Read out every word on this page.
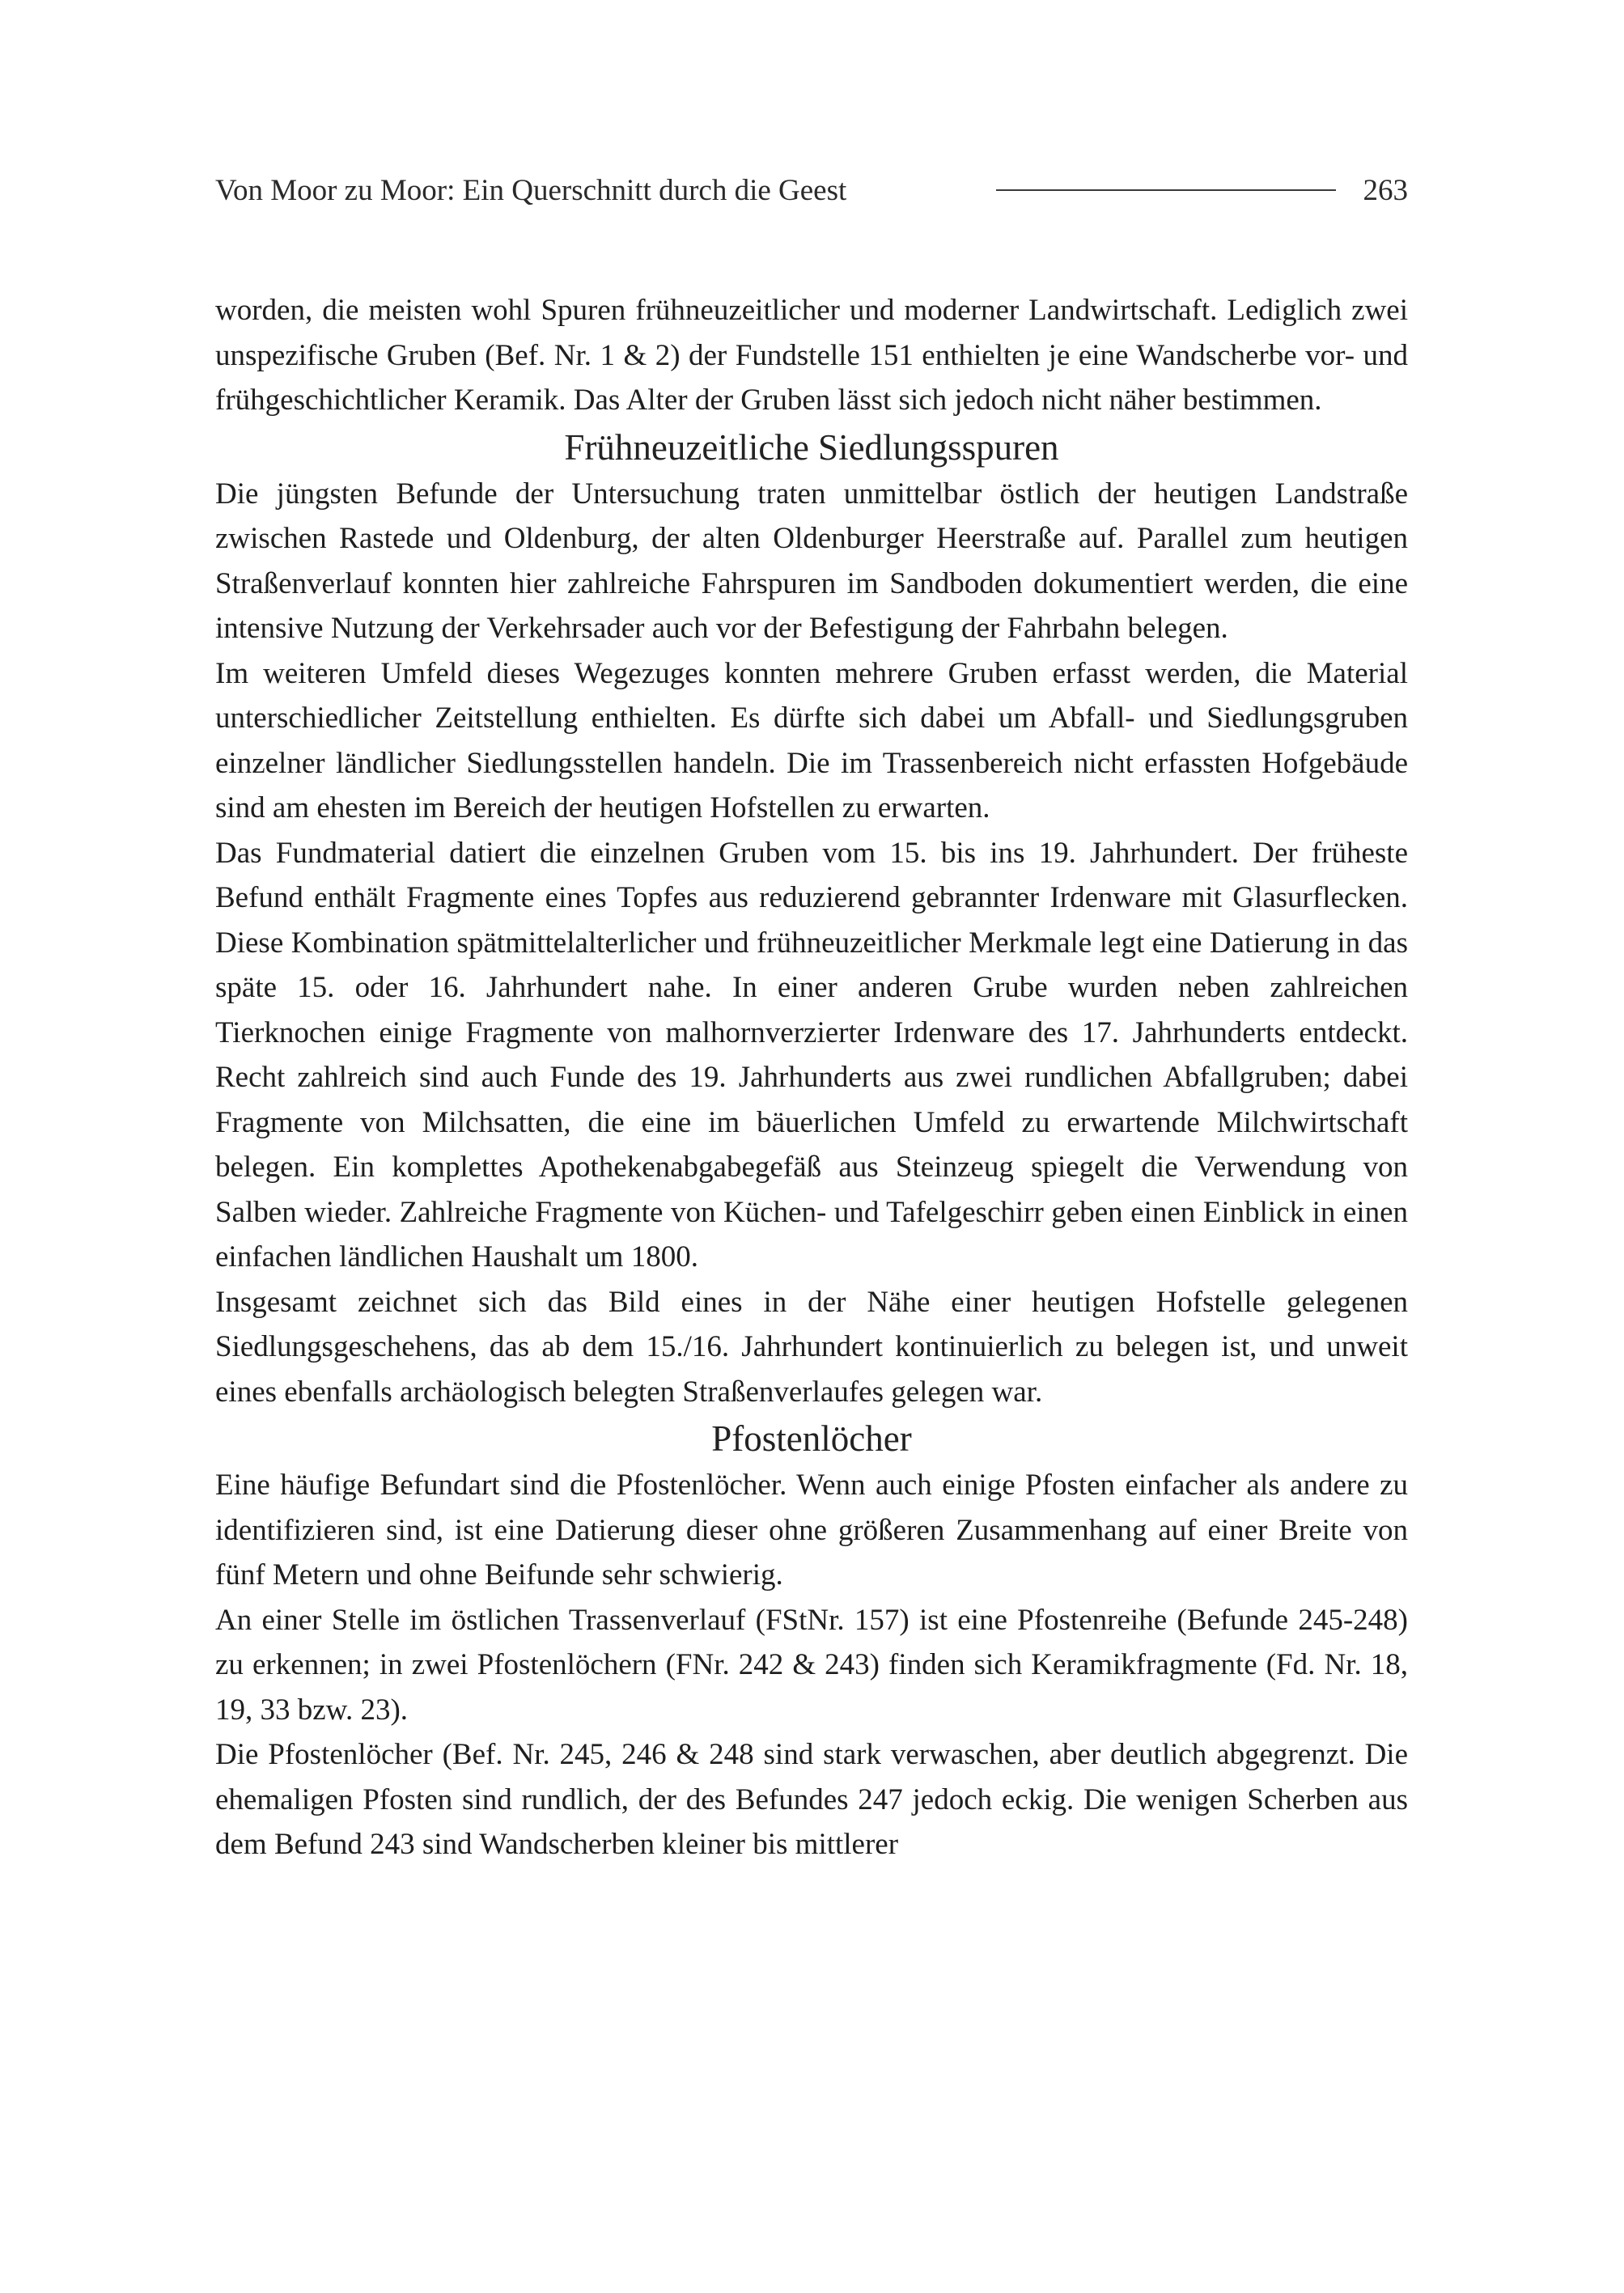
Von Moor zu Moor: Ein Querschnitt durch die Geest	263

worden, die meisten wohl Spuren frühneuzeitlicher und moderner Landwirtschaft. Lediglich zwei unspezifische Gruben (Bef. Nr. 1 & 2) der Fundstelle 151 enthielten je eine Wandscherbe vor- und frühgeschichtlicher Keramik. Das Alter der Gruben lässt sich jedoch nicht näher bestimmen.

Frühneuzeitliche Siedlungsspuren

Die jüngsten Befunde der Untersuchung traten unmittelbar östlich der heutigen Landstraße zwischen Rastede und Oldenburg, der alten Oldenburger Heerstraße auf. Parallel zum heutigen Straßenverlauf konnten hier zahlreiche Fahrspuren im Sandboden dokumentiert werden, die eine intensive Nutzung der Verkehrsader auch vor der Befestigung der Fahrbahn belegen.

Im weiteren Umfeld dieses Wegezuges konnten mehrere Gruben erfasst werden, die Material unterschiedlicher Zeitstellung enthielten. Es dürfte sich dabei um Abfall- und Siedlungsgruben einzelner ländlicher Siedlungsstellen handeln. Die im Trassenbereich nicht erfassten Hofgebäude sind am ehesten im Bereich der heutigen Hofstellen zu erwarten.

Das Fundmaterial datiert die einzelnen Gruben vom 15. bis ins 19. Jahrhundert. Der früheste Befund enthält Fragmente eines Topfes aus reduzierend gebrannter Irdenware mit Glasurflecken. Diese Kombination spätmittelalterlicher und frühneuzeitlicher Merkmale legt eine Datierung in das späte 15. oder 16. Jahrhundert nahe. In einer anderen Grube wurden neben zahlreichen Tierknochen einige Fragmente von malhornverzierter Irdenware des 17. Jahrhunderts entdeckt. Recht zahlreich sind auch Funde des 19. Jahrhunderts aus zwei rundlichen Abfallgruben; dabei Fragmente von Milchsatten, die eine im bäuerlichen Umfeld zu erwartende Milchwirtschaft belegen. Ein komplettes Apothekenabgabegefäß aus Steinzeug spiegelt die Verwendung von Salben wieder. Zahlreiche Fragmente von Küchen- und Tafelgeschirr geben einen Einblick in einen einfachen ländlichen Haushalt um 1800.

Insgesamt zeichnet sich das Bild eines in der Nähe einer heutigen Hofstelle gelegenen Siedlungsgeschehens, das ab dem 15./16. Jahrhundert kontinuierlich zu belegen ist, und unweit eines ebenfalls archäologisch belegten Straßenverlaufes gelegen war.

Pfostenlöcher

Eine häufige Befundart sind die Pfostenlöcher. Wenn auch einige Pfosten einfacher als andere zu identifizieren sind, ist eine Datierung dieser ohne größeren Zusammenhang auf einer Breite von fünf Metern und ohne Beifunde sehr schwierig.

An einer Stelle im östlichen Trassenverlauf (FStNr. 157) ist eine Pfostenreihe (Befunde 245-248) zu erkennen; in zwei Pfostenlöchern (FNr. 242 & 243) finden sich Keramikfragmente (Fd. Nr. 18, 19, 33 bzw. 23).

Die Pfostenlöcher (Bef. Nr. 245, 246 & 248 sind stark verwaschen, aber deutlich abgegrenzt. Die ehemaligen Pfosten sind rundlich, der des Befundes 247 jedoch eckig. Die wenigen Scherben aus dem Befund 243 sind Wandscherben kleiner bis mittlerer
